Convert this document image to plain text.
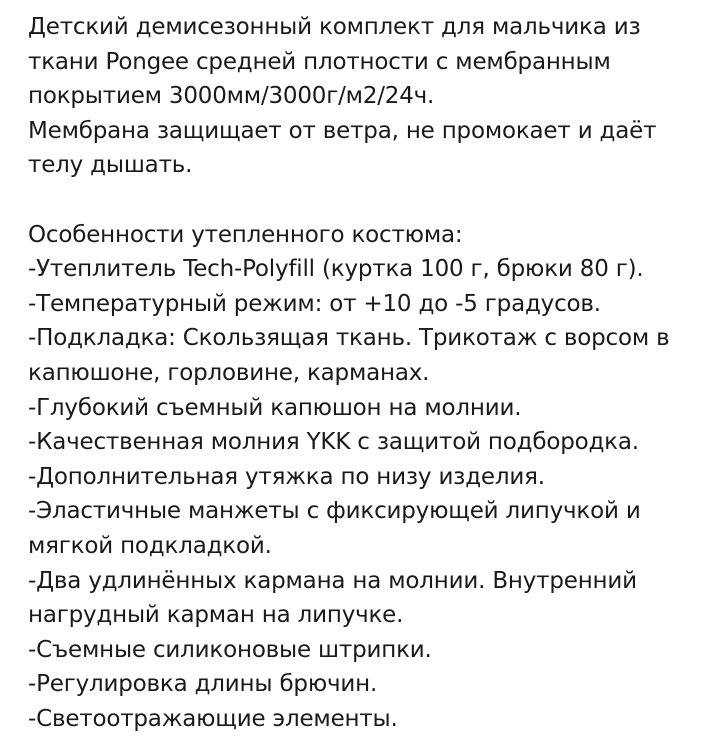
Детский демисезонный комплект для мальчика из
ткани Pongee средней плотности с мембранным
покрытием 3000мм/3000г/м2/24ч.
Мембрана защищает от ветра, не промокает и даёт
телу дышать.
Особенности утепленного костюма:
-Утеплитель Tech-Polyfill (куртка 100 г, брюки 80 г).
-Температурный режим: от +10 до -5 градусов.
-Подкладка: Скользящая ткань. Трикотаж с ворсом в
капюшоне, горловине, карманах.
-Глубокий съемный капюшон на молнии.
-Качественная молния YKK с защитой подбородка.
-Дополнительная утяжка по низу изделия.
-Эластичные манжеты с фиксирующей липучкой и
мягкой подкладкой.
-Два удлинённых кармана на молнии. Внутренний
нагрудный карман на липучке.
-Съемные силиконовые штрипки.
-Регулировка длины брючин.
-Светоотражающие элементы.
